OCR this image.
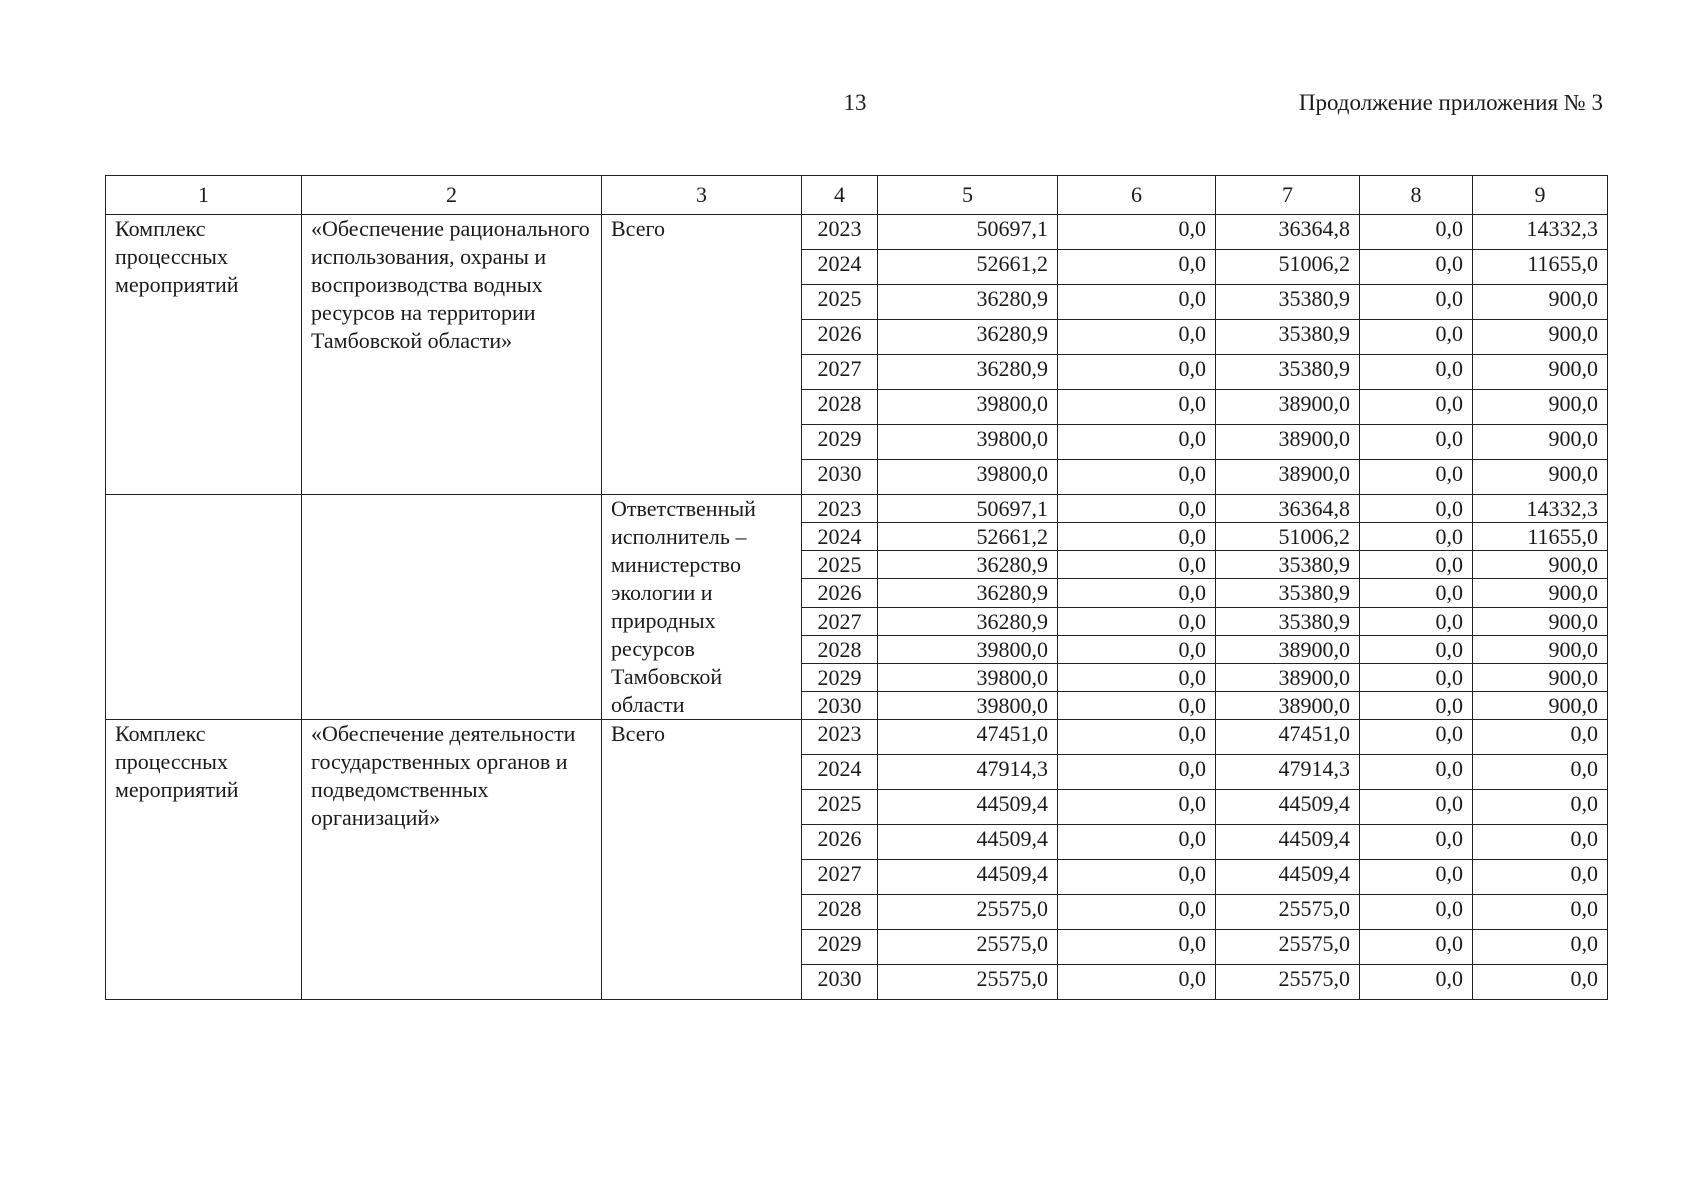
13	Продолжение приложения № 3
1	2	3	4	5	6	7	8	9
Комплекс процессных мероприятий	«Обеспечение рационального использования, охраны и воспроизводства водных ресурсов на территории Тамбовской области»	Всего	2023	50697,1	0,0	36364,8	0,0	14332,3
			2024	52661,2	0,0	51006,2	0,0	11655,0
			2025	36280,9	0,0	35380,9	0,0	900,0
			2026	36280,9	0,0	35380,9	0,0	900,0
			2027	36280,9	0,0	35380,9	0,0	900,0
			2028	39800,0	0,0	38900,0	0,0	900,0
			2029	39800,0	0,0	38900,0	0,0	900,0
			2030	39800,0	0,0	38900,0	0,0	900,0
		Ответственный исполнитель – министерство экологии и природных ресурсов Тамбовской области	2023	50697,1	0,0	36364,8	0,0	14332,3
			2024	52661,2	0,0	51006,2	0,0	11655,0
			2025	36280,9	0,0	35380,9	0,0	900,0
			2026	36280,9	0,0	35380,9	0,0	900,0
			2027	36280,9	0,0	35380,9	0,0	900,0
			2028	39800,0	0,0	38900,0	0,0	900,0
			2029	39800,0	0,0	38900,0	0,0	900,0
			2030	39800,0	0,0	38900,0	0,0	900,0
Комплекс процессных мероприятий	«Обеспечение деятельности государственных органов и подведомственных организаций»	Всего	2023	47451,0	0,0	47451,0	0,0	0,0
			2024	47914,3	0,0	47914,3	0,0	0,0
			2025	44509,4	0,0	44509,4	0,0	0,0
			2026	44509,4	0,0	44509,4	0,0	0,0
			2027	44509,4	0,0	44509,4	0,0	0,0
			2028	25575,0	0,0	25575,0	0,0	0,0
			2029	25575,0	0,0	25575,0	0,0	0,0
			2030	25575,0	0,0	25575,0	0,0	0,0
